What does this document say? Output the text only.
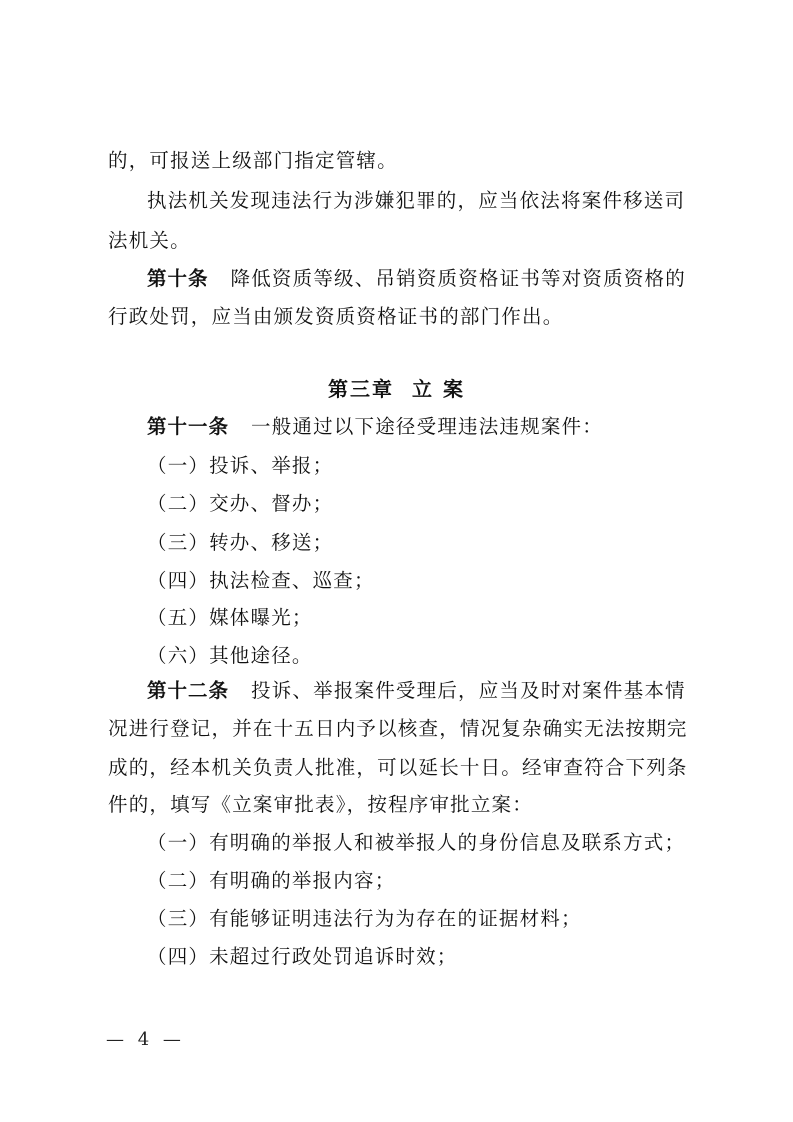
的，可报送上级部门指定管辖。
执法机关发现违法行为涉嫌犯罪的，应当依法将案件移送司
法机关。
第十条 降低资质等级、吊销资质资格证书等对资质资格的
行政处罚，应当由颁发资质资格证书的部门作出。
第三章 立 案
第十一条 一般通过以下途径受理违法违规案件：
（一）投诉、举报；
（二）交办、督办；
（三）转办、移送；
（四）执法检查、巡查；
（五）媒体曝光；
（六）其他途径。
第十二条 投诉、举报案件受理后，应当及时对案件基本情
况进行登记，并在十五日内予以核查，情况复杂确实无法按期完
成的，经本机关负责人批准，可以延长十日。经审查符合下列条
件的，填写《立案审批表》，按程序审批立案：
（一）有明确的举报人和被举报人的身份信息及联系方式；
（二）有明确的举报内容；
（三）有能够证明违法行为为存在的证据材料；
（四）未超过行政处罚追诉时效；
— 4 —
